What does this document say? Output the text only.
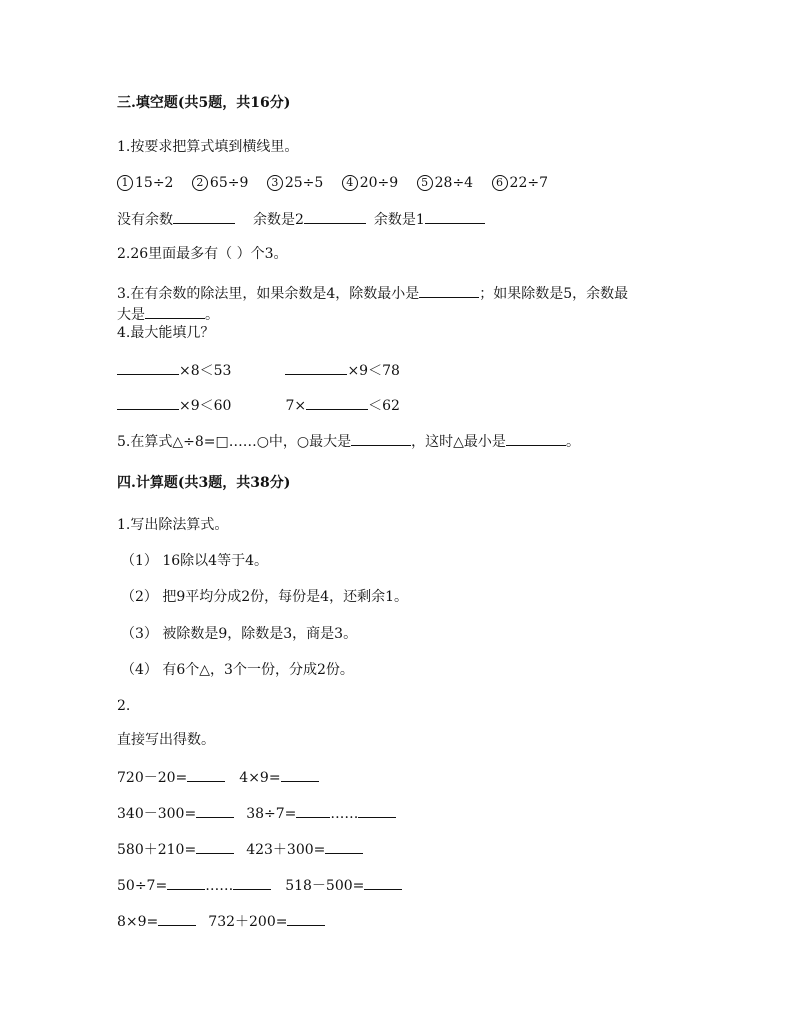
三.填空题(共5题，共16分)
1.按要求把算式填到横线里。
1 15÷2 2 65÷9 3 25÷5 4 20÷9 5 28÷4 6 22÷7
没有余数	余数是2	余数是1
2.26里面最多有（ ）个3。
3.在有余数的除法里，如果余数是4，除数最小是	；如果除数是5，余数最
大是	。
4.最大能填几？
×8＜53	×9＜78
×9＜60	7×	＜62
5.在算式△÷8=□……○中，○最大是	，这时△最小是	。
四.计算题(共3题，共38分)
1.写出除法算式。
（1） 16除以4等于4。
（2） 把9平均分成2份，每份是4，还剩余1。
（3） 被除数是9，除数是3，商是3。
（4） 有6个△，3个一份，分成2份。
2.
直接写出得数。
720－20=	4×9=
340－300=	38÷7= ……
580＋210=	423＋300=
50÷7=	……	518－500=
8×9=	732＋200=
